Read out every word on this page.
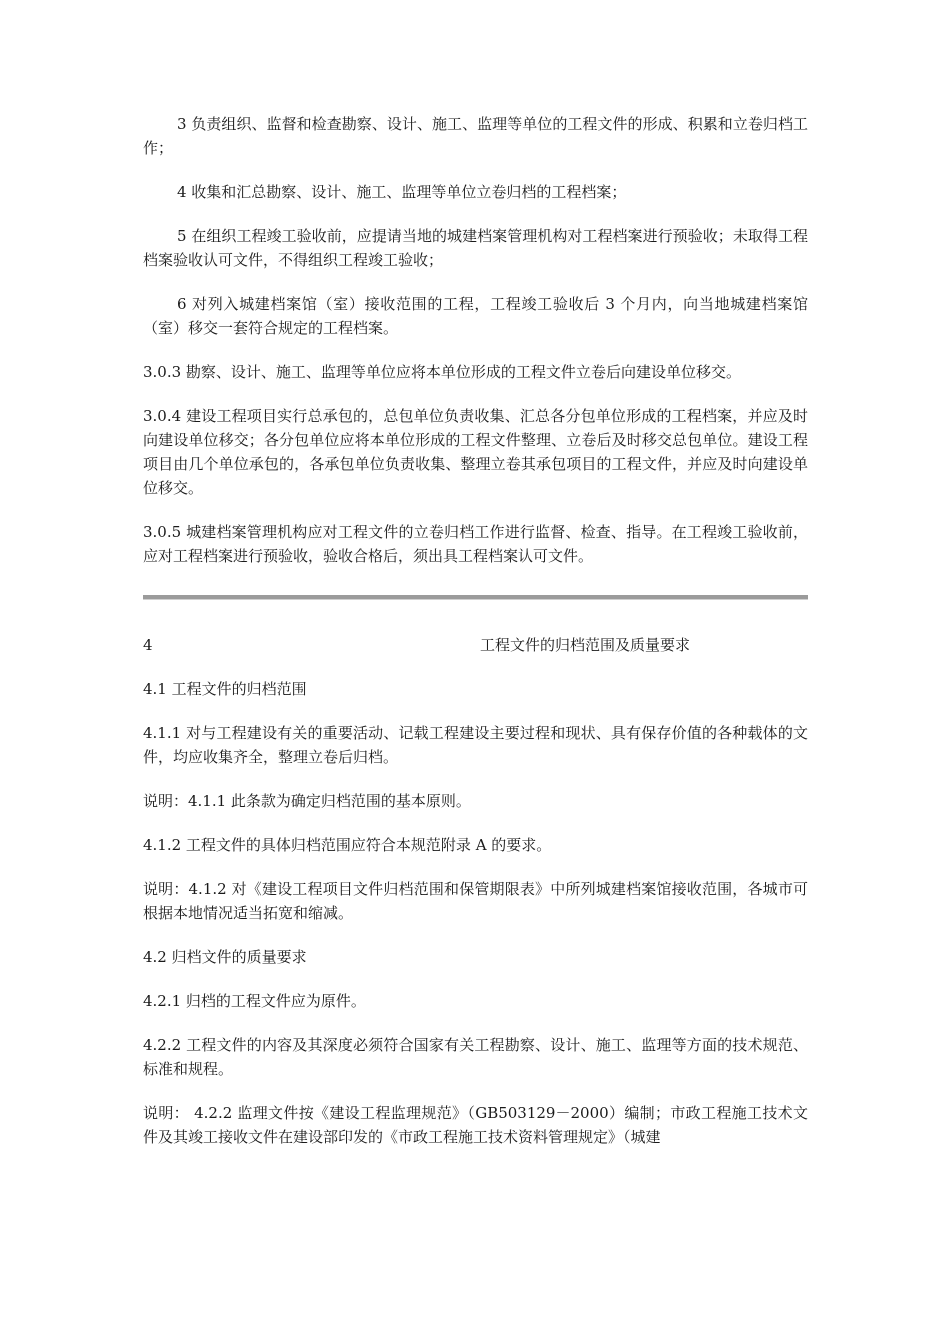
3 负责组织、监督和检查勘察、设计、施工、监理等单位的工程文件的形成、积累和立卷归档工作；

4 收集和汇总勘察、设计、施工、监理等单位立卷归档的工程档案；

5 在组织工程竣工验收前，应提请当地的城建档案管理机构对工程档案进行预验收；未取得工程档案验收认可文件，不得组织工程竣工验收；

6 对列入城建档案馆（室）接收范围的工程，工程竣工验收后 3 个月内，向当地城建档案馆（室）移交一套符合规定的工程档案。

3.0.3 勘察、设计、施工、监理等单位应将本单位形成的工程文件立卷后向建设单位移交。

3.0.4 建设工程项目实行总承包的，总包单位负责收集、汇总各分包单位形成的工程档案，并应及时向建设单位移交；各分包单位应将本单位形成的工程文件整理、立卷后及时移交总包单位。建设工程项目由几个单位承包的，各承包单位负责收集、整理立卷其承包项目的工程文件，并应及时向建设单位移交。

3.0.5 城建档案管理机构应对工程文件的立卷归档工作进行监督、检查、指导。在工程竣工验收前，应对工程档案进行预验收，验收合格后，须出具工程档案认可文件。

4	工程文件的归档范围及质量要求

4.1 工程文件的归档范围

4.1.1 对与工程建设有关的重要活动、记载工程建设主要过程和现状、具有保存价值的各种载体的文件，均应收集齐全，整理立卷后归档。

说明：4.1.1 此条款为确定归档范围的基本原则。

4.1.2 工程文件的具体归档范围应符合本规范附录 A 的要求。

说明：4.1.2 对《建设工程项目文件归档范围和保管期限表》中所列城建档案馆接收范围，各城市可根据本地情况适当拓宽和缩减。

4.2 归档文件的质量要求

4.2.1 归档的工程文件应为原件。

4.2.2 工程文件的内容及其深度必须符合国家有关工程勘察、设计、施工、监理等方面的技术规范、标准和规程。

说明： 4.2.2 监理文件按《建设工程监理规范》（GB503129－2000）编制；市政工程施工技术文件及其竣工接收文件在建设部印发的《市政工程施工技术资料管理规定》（城建
